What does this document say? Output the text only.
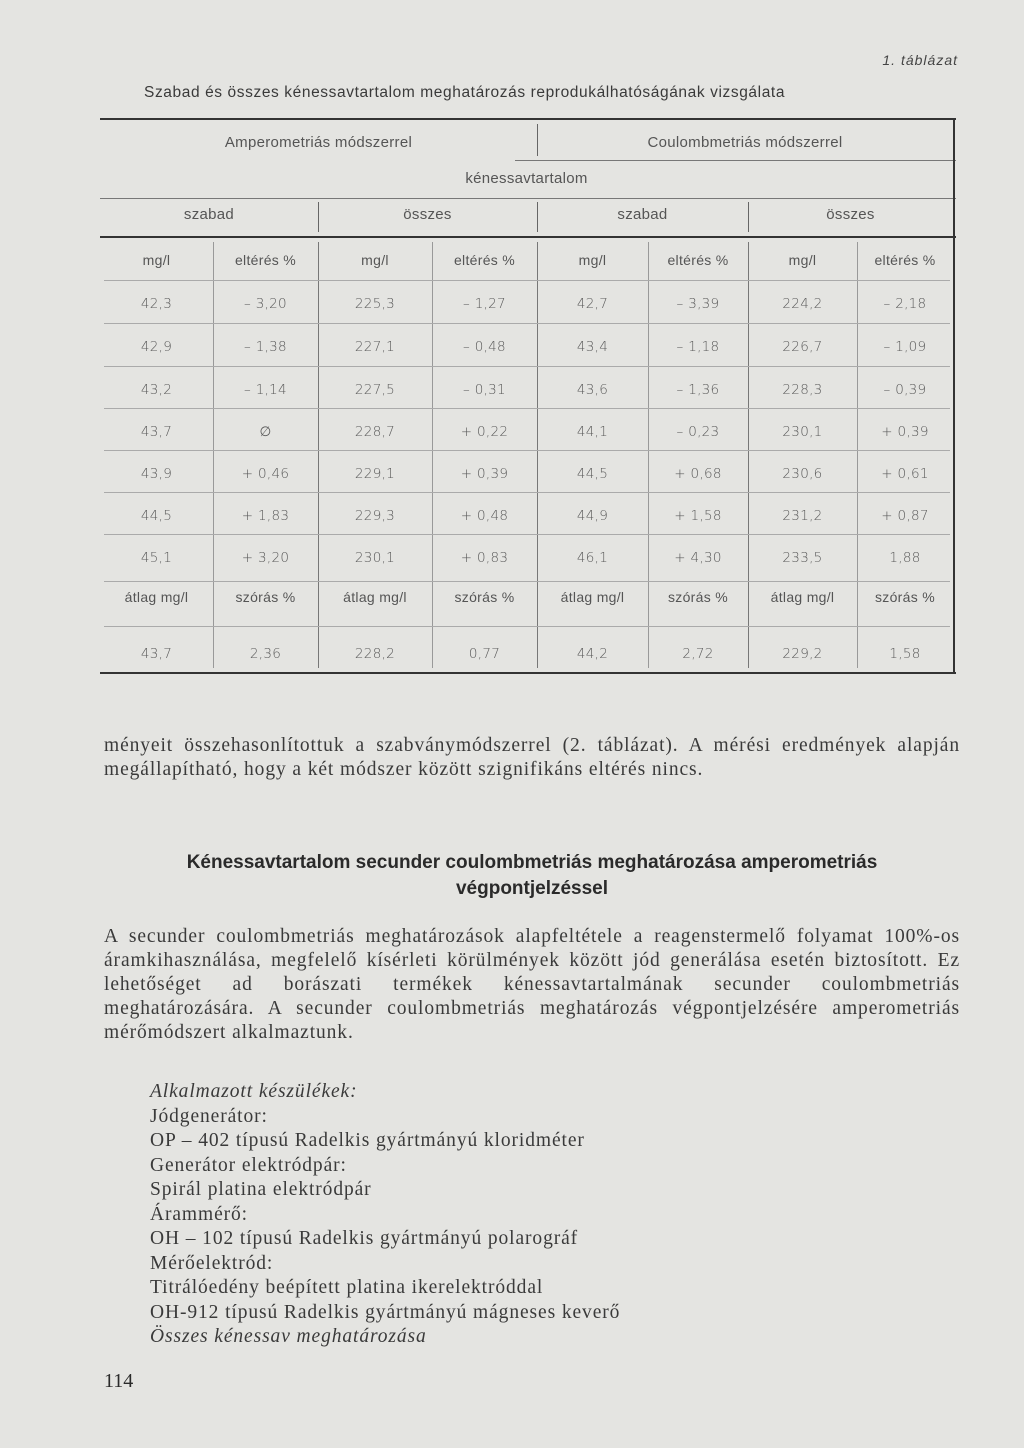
1. táblázat
Szabad és összes kénessavtartalom meghatározás reprodukálhatóságának vizsgálata
Amperometriás módszerrel	Coulombmetriás módszerrel
kénessavtartalom
szabad	összes	szabad	összes
mg/l	eltérés %	mg/l	eltérés %	mg/l	eltérés %	mg/l	eltérés %
42,3	– 3,20	225,3	– 1,27	42,7	– 3,39	224,2	– 2,18
42,9	– 1,38	227,1	– 0,48	43,4	– 1,18	226,7	– 1,09
43,2	– 1,14	227,5	– 0,31	43,6	– 1,36	228,3	– 0,39
43,7	∅	228,7	+ 0,22	44,1	– 0,23	230,1	+ 0,39
43,9	+ 0,46	229,1	+ 0,39	44,5	+ 0,68	230,6	+ 0,61
44,5	+ 1,83	229,3	+ 0,48	44,9	+ 1,58	231,2	+ 0,87
45,1	+ 3,20	230,1	+ 0,83	46,1	+ 4,30	233,5	1,88
átlag mg/l	szórás %	átlag mg/l	szórás %	átlag mg/l	szórás %	átlag mg/l	szórás %
43,7	2,36	228,2	0,77	44,2	2,72	229,2	1,58
ményeit összehasonlítottuk a szabványmódszerrel (2. táblázat). A mérési eredmények alapján megállapítható, hogy a két módszer között szignifikáns eltérés nincs.
Kénessavtartalom secunder coulombmetriás meghatározása amperometriás
végpontjelzéssel
A secunder coulombmetriás meghatározások alapfeltétele a reagenstermelő folyamat 100%-os áramkihasználása, megfelelő kísérleti körülmények között jód generálása esetén biztosított. Ez lehetőséget ad borászati termékek kénessavtartalmának secunder coulombmetriás meghatározására. A secunder coulombmetriás meghatározás végpontjelzésére amperometriás mérőmódszert alkalmaztunk.
Alkalmazott készülékek:
Jódgenerátor:
OP – 402 típusú Radelkis gyártmányú kloridméter
Generátor elektródpár:
Spirál platina elektródpár
Árammérő:
OH – 102 típusú Radelkis gyártmányú polarográf
Mérőelektród:
Titrálóedény beépített platina ikerelektróddal
OH-912 típusú Radelkis gyártmányú mágneses keverő
Összes kénessav meghatározása
114
